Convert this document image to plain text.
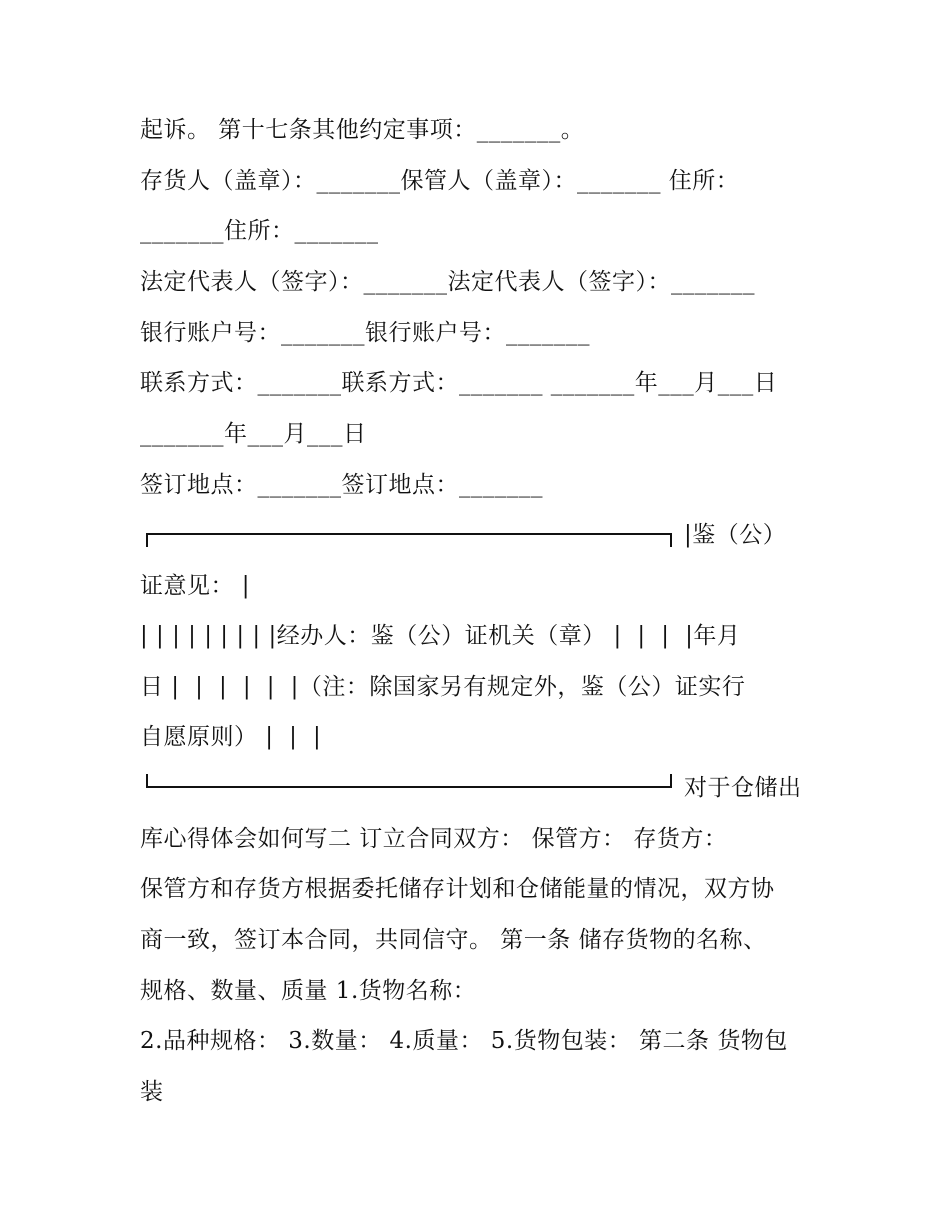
起诉。 第十七条其他约定事项：_______。
存货人（盖章）：_______保管人（盖章）：_______ 住所：
_______住所：_______
法定代表人（签字）：_______法定代表人（签字）：_______
银行账户号：_______银行账户号：_______
联系方式：_______联系方式：_______ _______年___月___日
_______年___月___日
签订地点：_______签订地点：_______
|鉴（公）
证意见： |
| | | | | | | | |经办人：鉴（公）证机关（章） |  |  |  |年月
日 |  |  |  |  |  |（注：除国家另有规定外，鉴（公）证实行
自愿原则） |  |  |
对于仓储出
库心得体会如何写二 订立合同双方： 保管方： 存货方：
保管方和存货方根据委托储存计划和仓储能量的情况，双方协
商一致，签订本合同，共同信守。 第一条 储存货物的名称、
规格、数量、质量 1.货物名称：
2.品种规格： 3.数量： 4.质量： 5.货物包装： 第二条 货物包
装
